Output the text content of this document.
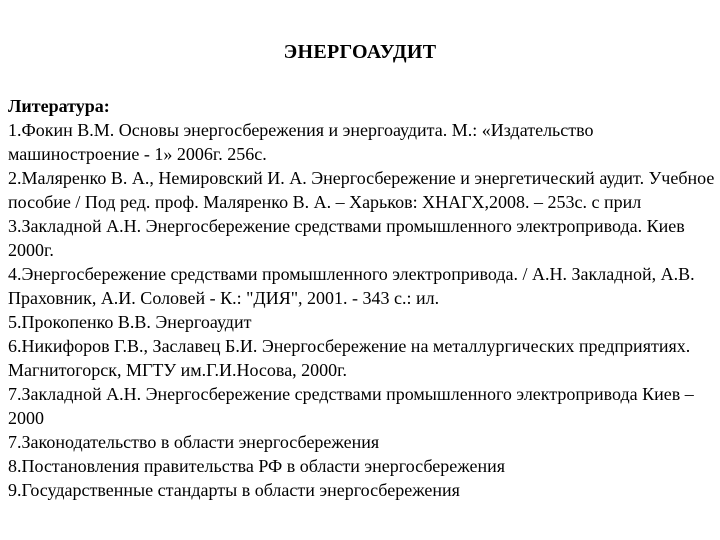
ЭНЕРГОАУДИТ
Литература:
1.Фокин В.М. Основы энергосбережения и энергоаудита. М.: «Издательство машиностроение - 1» 2006г. 256с.
2.Маляренко В. А., Немировский И. А. Энергосбережение и энергетический аудит. Учебное пособие / Под ред. проф. Маляренко В. А. – Харьков: ХНАГХ,2008. – 253с. с прил
3.Закладной А.Н. Энергосбережение средствами промышленного электропривода. Киев 2000г.
4.Энергосбережение средствами промышленного электропривода. / А.Н. Закладной, А.В. Праховник, А.И. Соловей - К.: "ДИЯ", 2001. - 343 с.: ил.
5.Прокопенко В.В. Энергоаудит
6.Никифоров Г.В., Заславец Б.И. Энергосбережение на металлургических предприятиях. Магнитогорск, МГТУ им.Г.И.Носова, 2000г.
7.Закладной А.Н. Энергосбережение средствами промышленного электропривода Киев – 2000
7.Законодательство в области энергосбережения
8.Постановления правительства РФ в области энергосбережения
9.Государственные стандарты в области энергосбережения
